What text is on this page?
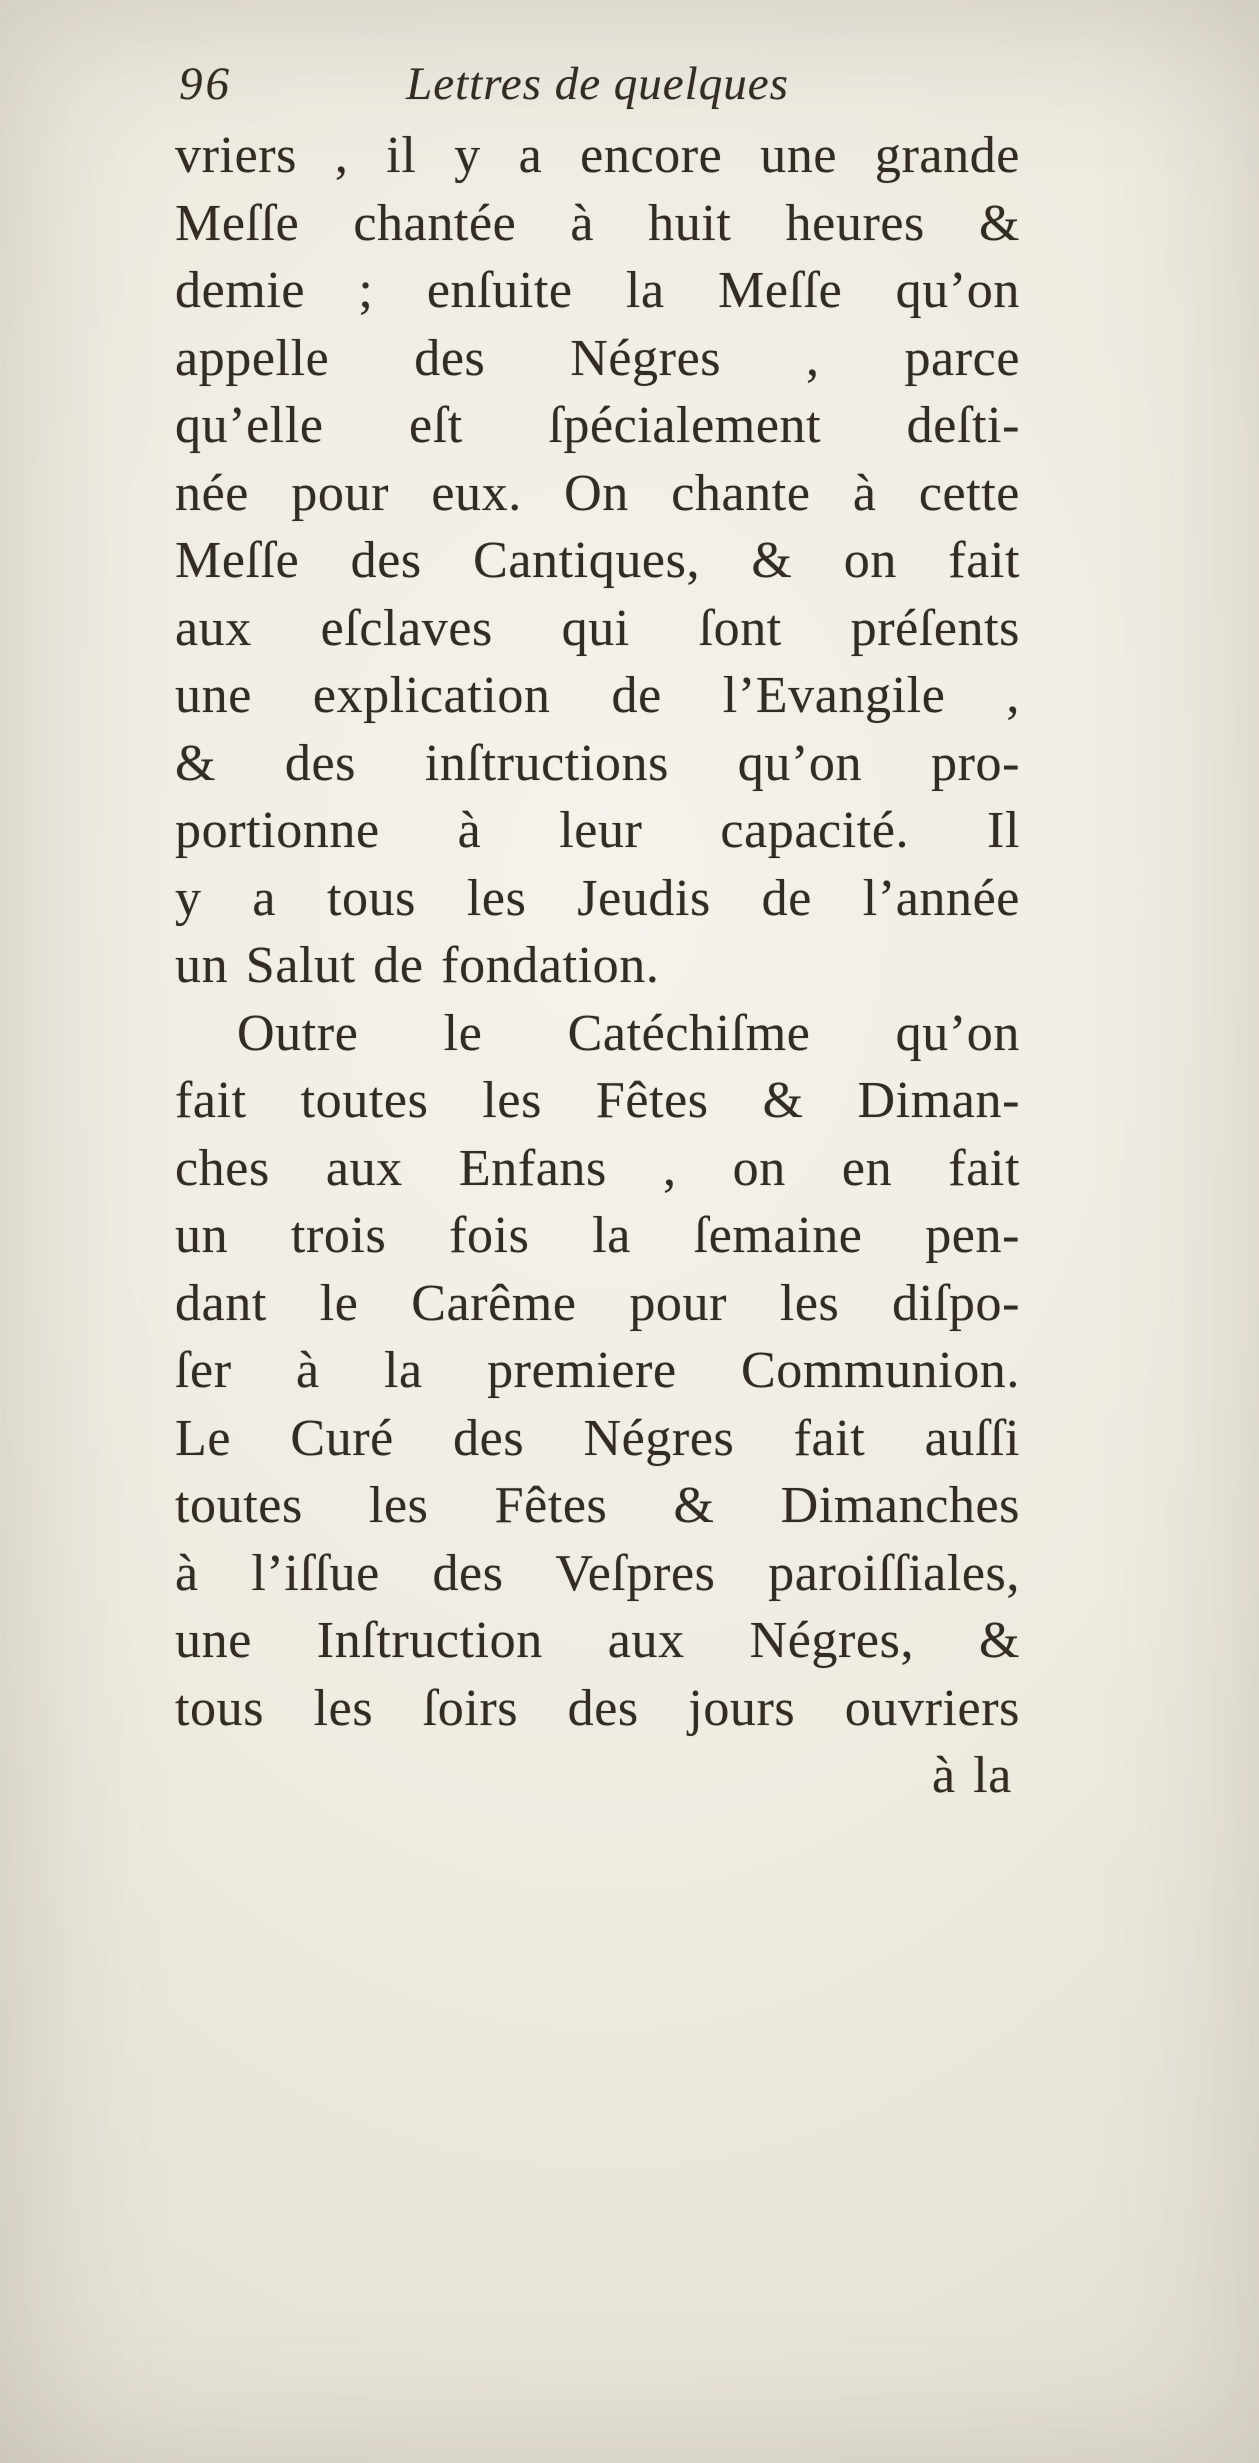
96	Lettres de quelques
vriers , il y a encore une grande
Meſſe chantée à huit heures &
demie ; enſuite la Meſſe qu’on
appelle des Négres , parce
qu’elle eſt ſpécialement deſti-
née pour eux. On chante à cette
Meſſe des Cantiques, & on fait
aux eſclaves qui ſont préſents
une explication de l’Evangile ,
& des inſtructions qu’on pro-
portionne à leur capacité. Il
y a tous les Jeudis de l’année
un Salut de fondation.
Outre le Catéchiſme qu’on
fait toutes les Fêtes & Diman-
ches aux Enfans , on en fait
un trois fois la ſemaine pen-
dant le Carême pour les diſpo-
ſer à la premiere Communion.
Le Curé des Négres fait auſſi
toutes les Fêtes & Dimanches
à l’iſſue des Veſpres paroiſſiales,
une Inſtruction aux Négres, &
tous les ſoirs des jours ouvriers
à la
